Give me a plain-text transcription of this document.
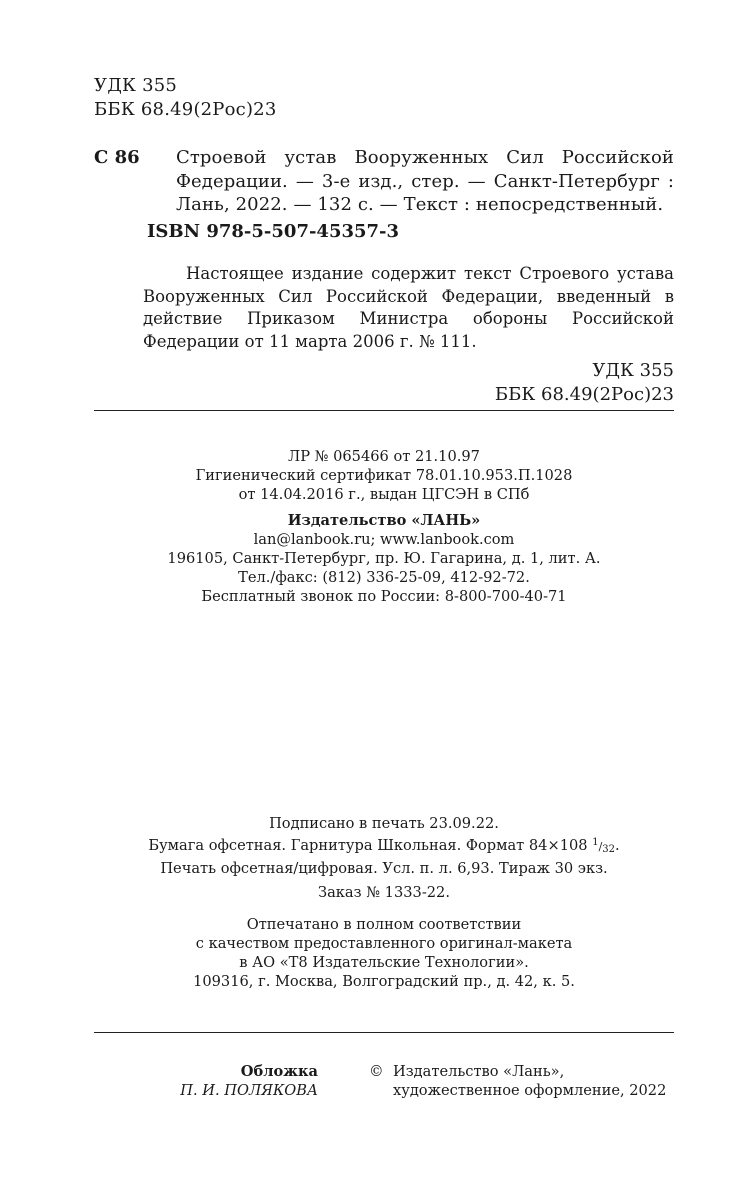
УДК 355
ББК 68.49(2Рос)23
С 86 Строевой устав Вооруженных Сил Российской Федерации. — 3-е изд., стер. — Санкт-Петербург : Лань, 2022. — 132 с. — Текст : непосредственный.
ISBN 978-5-507-45357-3
Настоящее издание содержит текст Строевого устава Вооруженных Сил Российской Федерации, введенный в действие Приказом Министра обороны Российской Федерации от 11 марта 2006 г. № 111.
УДК 355
ББК 68.49(2Рос)23
ЛР № 065466 от 21.10.97
Гигиенический сертификат 78.01.10.953.П.1028
от 14.04.2016 г., выдан ЦГСЭН в СПб
Издательство «ЛАНЬ»
lan@lanbook.ru; www.lanbook.com
196105, Санкт-Петербург, пр. Ю. Гагарина, д. 1, лит. А.
Тел./факс: (812) 336-25-09, 412-92-72.
Бесплатный звонок по России: 8-800-700-40-71
Подписано в печать 23.09.22.
Бумага офсетная. Гарнитура Школьная. Формат 84×108 $^1/_{32}$.
Печать офсетная/цифровая. Усл. п. л. 6,93. Тираж 30 экз.
Заказ № 1333-22.
Отпечатано в полном соответствии
с качеством предоставленного оригинал-макета
в АО «Т8 Издательские Технологии».
109316, г. Москва, Волгоградский пр., д. 42, к. 5.
Обложка
П. И. ПОЛЯКОВА
© Издательство «Лань»,
художественное оформление, 2022
